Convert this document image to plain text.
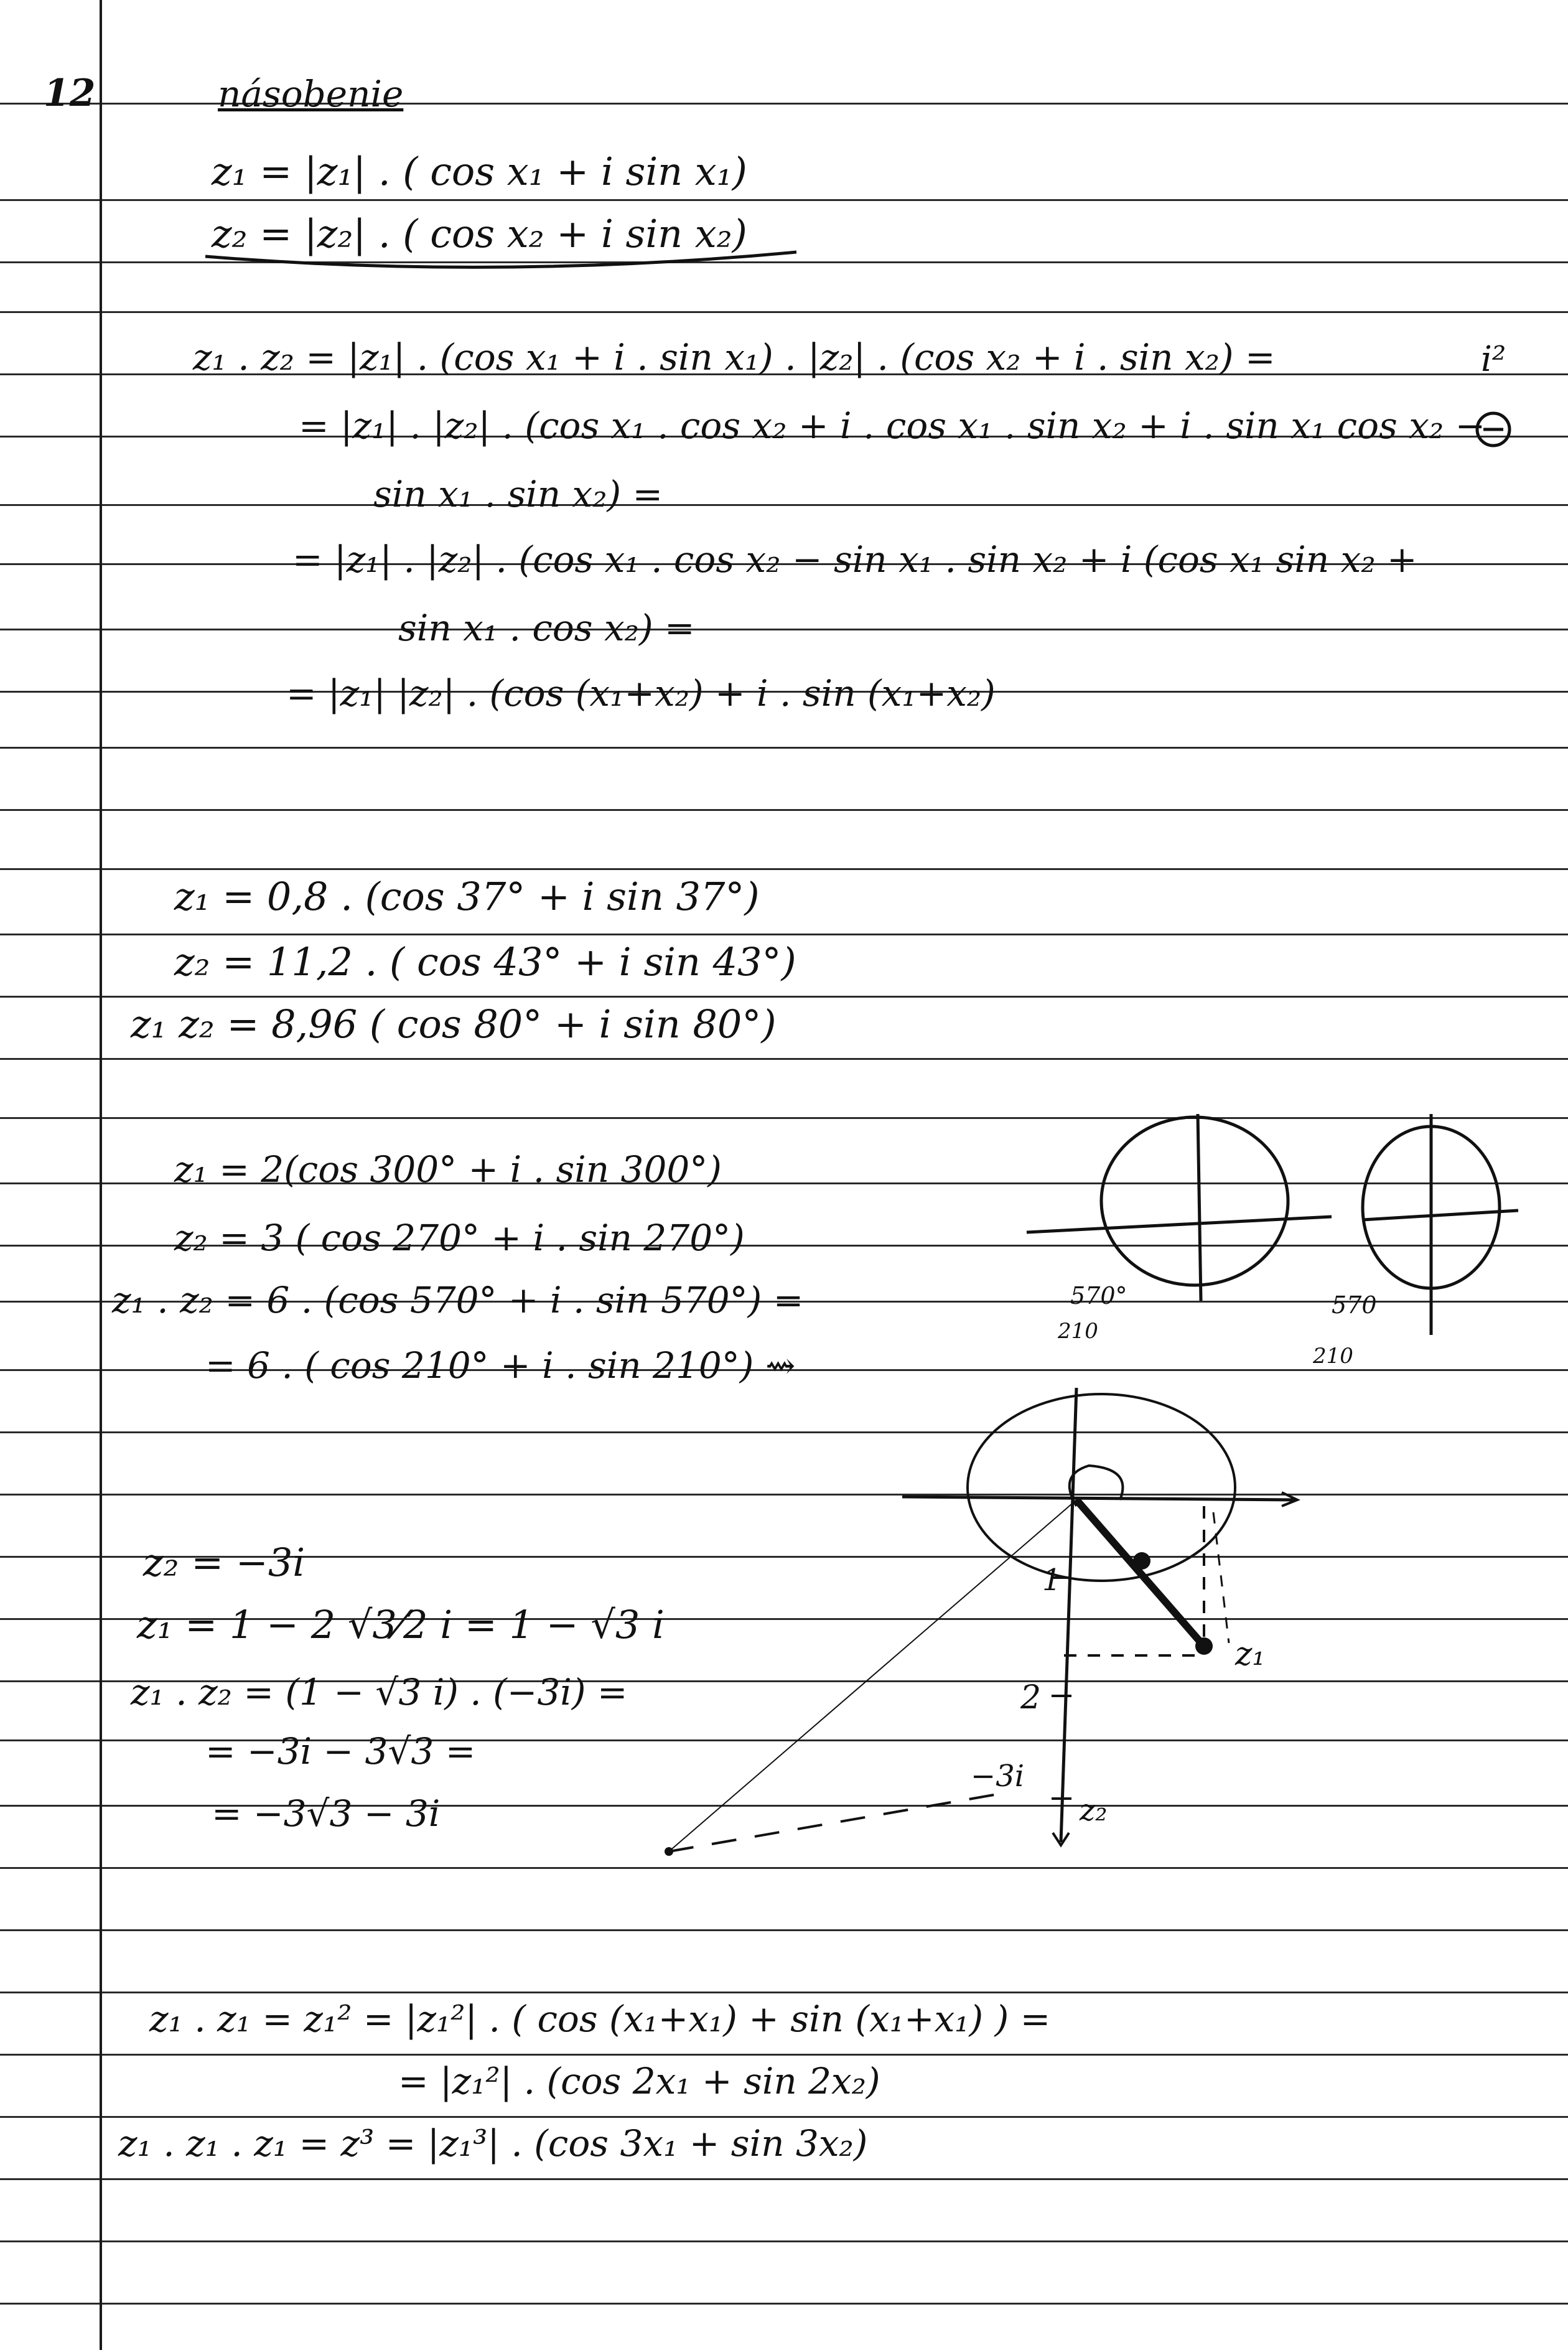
12	násobenie
z₁ = |z₁| . ( cos x₁ + i sin x₁)
z₂ = |z₂| . ( cos x₂ + i sin x₂)
z₁ . z₂ = |z₁| . (cos x₁ + i . sin x₁) . |z₂| . (cos x₂ + i . sin x₂) =
= |z₁| . |z₂| . (cos x₁ . cos x₂ + i . cos x₁ . sin x₂ + i . sin x₁ cos x₂ −
sin x₁ . sin x₂) =
= |z₁| . |z₂| . (cos x₁ . cos x₂ − sin x₁ . sin x₂ + i (cos x₁ sin x₂ +
sin x₁ . cos x₂) =
= |z₁| |z₂| . (cos (x₁+x₂) + i . sin (x₁+x₂)
i²
z₁ = 0,8 . (cos 37° + i sin 37°)
z₂ = 11,2 . ( cos 43° + i sin 43°)
z₁ z₂ = 8,96 ( cos 80° + i sin 80°)
z₁ = 2(cos 300° + i . sin 300°)
z₂ = 3 ( cos 270° + i . sin 270°)
z₁ . z₂ = 6 . (cos 570° + i . sin 570°) =
= 6 . ( cos 210° + i . sin 210°) ⇝
z₂ = −3i
z₁ = 1 − 2 √3⁄2 i = 1 − √3 i
z₁ . z₂ = (1 − √3 i) . (−3i) =
= −3i − 3√3 =
= −3√3 − 3i
z₁ . z₁ = z₁² = |z₁²| . ( cos (x₁+x₁) + sin (x₁+x₁) ) =
= |z₁²| . (cos 2x₁ + sin 2x₂)
z₁ . z₁ . z₁ = z³ = |z₁³| . (cos 3x₁ + sin 3x₂)
570°
210
570
210
1
2
−3i
z₂
z₁
